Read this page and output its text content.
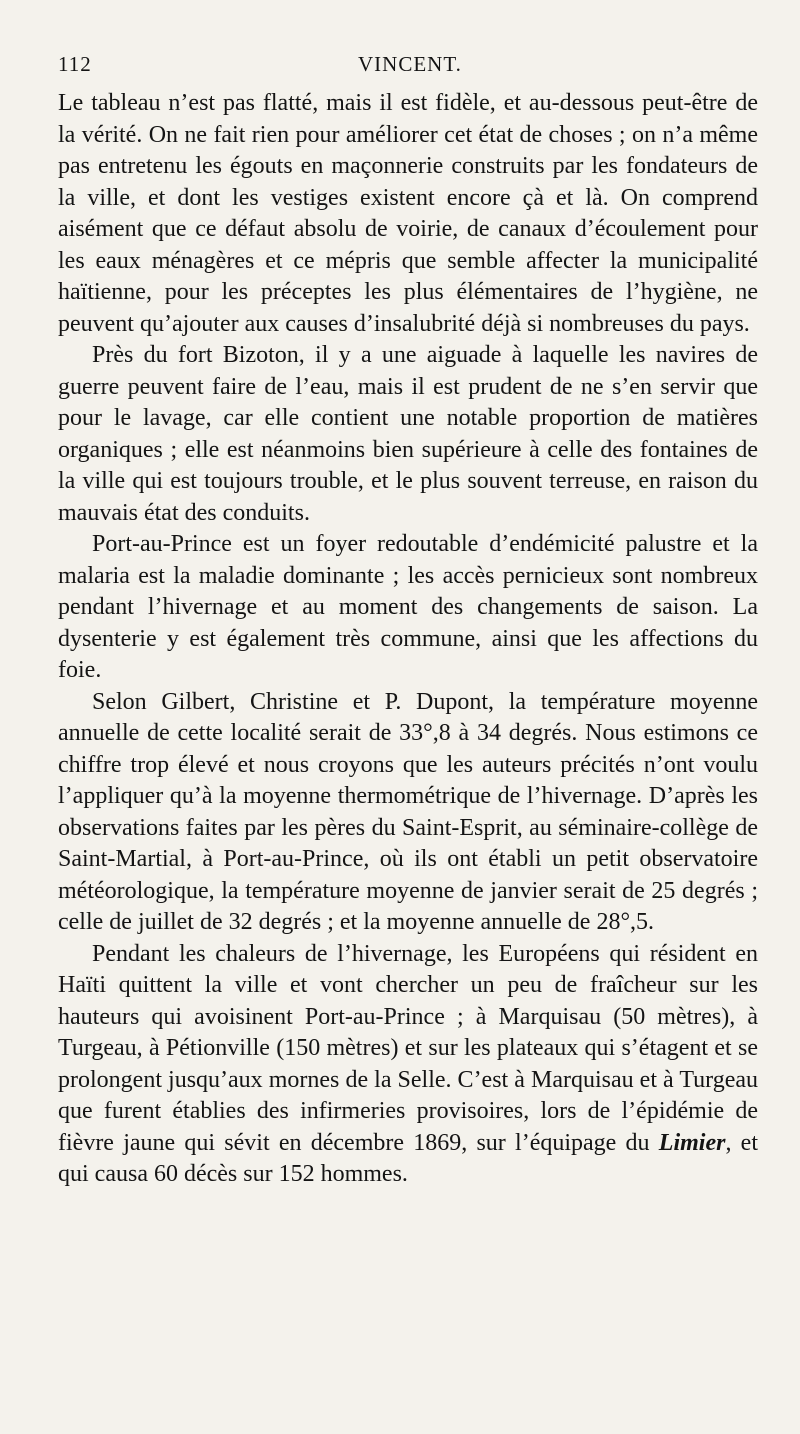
112	VINCENT.

Le tableau n’est pas flatté, mais il est fidèle, et au-dessous peut-être de la vérité. On ne fait rien pour améliorer cet état de choses ; on n’a même pas entretenu les égouts en maçonnerie construits par les fondateurs de la ville, et dont les vestiges existent encore çà et là. On comprend aisément que ce défaut absolu de voirie, de canaux d’écoulement pour les eaux ménagères et ce mépris que semble affecter la municipalité haïtienne, pour les préceptes les plus élémentaires de l’hygiène, ne peuvent qu’ajouter aux causes d’insalubrité déjà si nombreuses du pays.

Près du fort Bizoton, il y a une aiguade à laquelle les navires de guerre peuvent faire de l’eau, mais il est prudent de ne s’en servir que pour le lavage, car elle contient une notable proportion de matières organiques ; elle est néanmoins bien supérieure à celle des fontaines de la ville qui est toujours trouble, et le plus souvent terreuse, en raison du mauvais état des conduits.

Port-au-Prince est un foyer redoutable d’endémicité palustre et la malaria est la maladie dominante ; les accès pernicieux sont nombreux pendant l’hivernage et au moment des changements de saison. La dysenterie y est également très commune, ainsi que les affections du foie.

Selon Gilbert, Christine et P. Dupont, la température moyenne annuelle de cette localité serait de 33°,8 à 34 degrés. Nous estimons ce chiffre trop élevé et nous croyons que les auteurs précités n’ont voulu l’appliquer qu’à la moyenne thermométrique de l’hivernage. D’après les observations faites par les pères du Saint-Esprit, au séminaire-collège de Saint-Martial, à Port-au-Prince, où ils ont établi un petit observatoire météorologique, la température moyenne de janvier serait de 25 degrés ; celle de juillet de 32 degrés ; et la moyenne annuelle de 28°,5.

Pendant les chaleurs de l’hivernage, les Européens qui résident en Haïti quittent la ville et vont chercher un peu de fraîcheur sur les hauteurs qui avoisinent Port-au-Prince ; à Marquisau (50 mètres), à Turgeau, à Pétionville (150 mètres) et sur les plateaux qui s’étagent et se prolongent jusqu’aux mornes de la Selle. C’est à Marquisau et à Turgeau que furent établies des infirmeries provisoires, lors de l’épidémie de fièvre jaune qui sévit en décembre 1869, sur l’équipage du Limier, et qui causa 60 décès sur 152 hommes.
